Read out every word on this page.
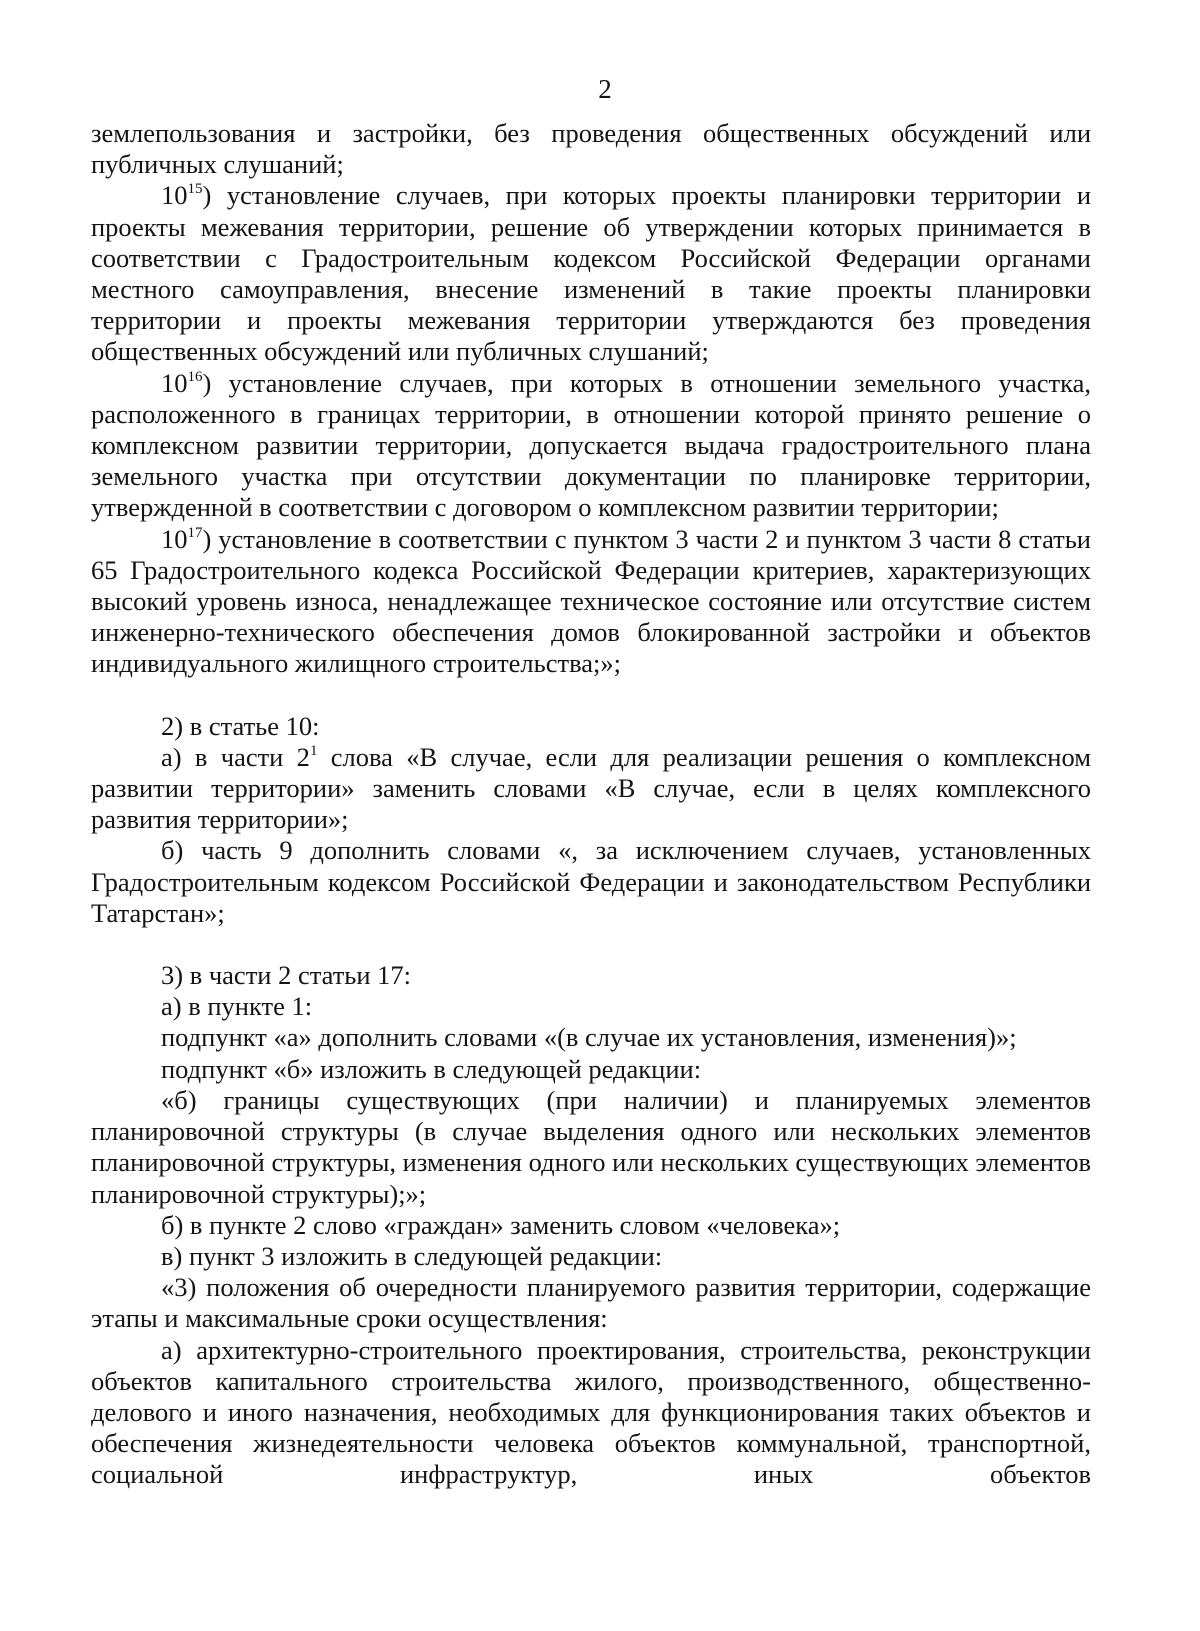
2

землепользования и застройки, без проведения общественных обсуждений или публичных слушаний;

$10^{15}$) установление случаев, при которых проекты планировки территории и проекты межевания территории, решение об утверждении которых принимается в соответствии с Градостроительным кодексом Российской Федерации органами местного самоуправления, внесение изменений в такие проекты планировки территории и проекты межевания территории утверждаются без проведения общественных обсуждений или публичных слушаний;

$10^{16}$) установление случаев, при которых в отношении земельного участка, расположенного в границах территории, в отношении которой принято решение о комплексном развитии территории, допускается выдача градостроительного плана земельного участка при отсутствии документации по планировке территории, утвержденной в соответствии с договором о комплексном развитии территории;

$10^{17}$) установление в соответствии с пунктом 3 части 2 и пунктом 3 части 8 статьи 65 Градостроительного кодекса Российской Федерации критериев, характеризующих высокий уровень износа, ненадлежащее техническое состояние или отсутствие систем инженерно-технического обеспечения домов блокированной застройки и объектов индивидуального жилищного строительства;»;

2) в статье 10:

а) в части $2^1$ слова «В случае, если для реализации решения о комплексном развитии территории» заменить словами «В случае, если в целях комплексного развития территории»;

б) часть 9 дополнить словами «, за исключением случаев, установленных Градостроительным кодексом Российской Федерации и законодательством Республики Татарстан»;

3) в части 2 статьи 17:

а) в пункте 1:

подпункт «а» дополнить словами «(в случае их установления, изменения)»;

подпункт «б» изложить в следующей редакции:

«б) границы существующих (при наличии) и планируемых элементов планировочной структуры (в случае выделения одного или нескольких элементов планировочной структуры, изменения одного или нескольких существующих элементов планировочной структуры);»;

б) в пункте 2 слово «граждан» заменить словом «человека»;

в) пункт 3 изложить в следующей редакции:

«3) положения об очередности планируемого развития территории, содержащие этапы и максимальные сроки осуществления:

а) архитектурно-строительного проектирования, строительства, реконструкции объектов капитального строительства жилого, производственного, общественно-делового и иного назначения, необходимых для функционирования таких объектов и обеспечения жизнедеятельности человека объектов коммунальной, транспортной, социальной инфраструктур, иных объектов
